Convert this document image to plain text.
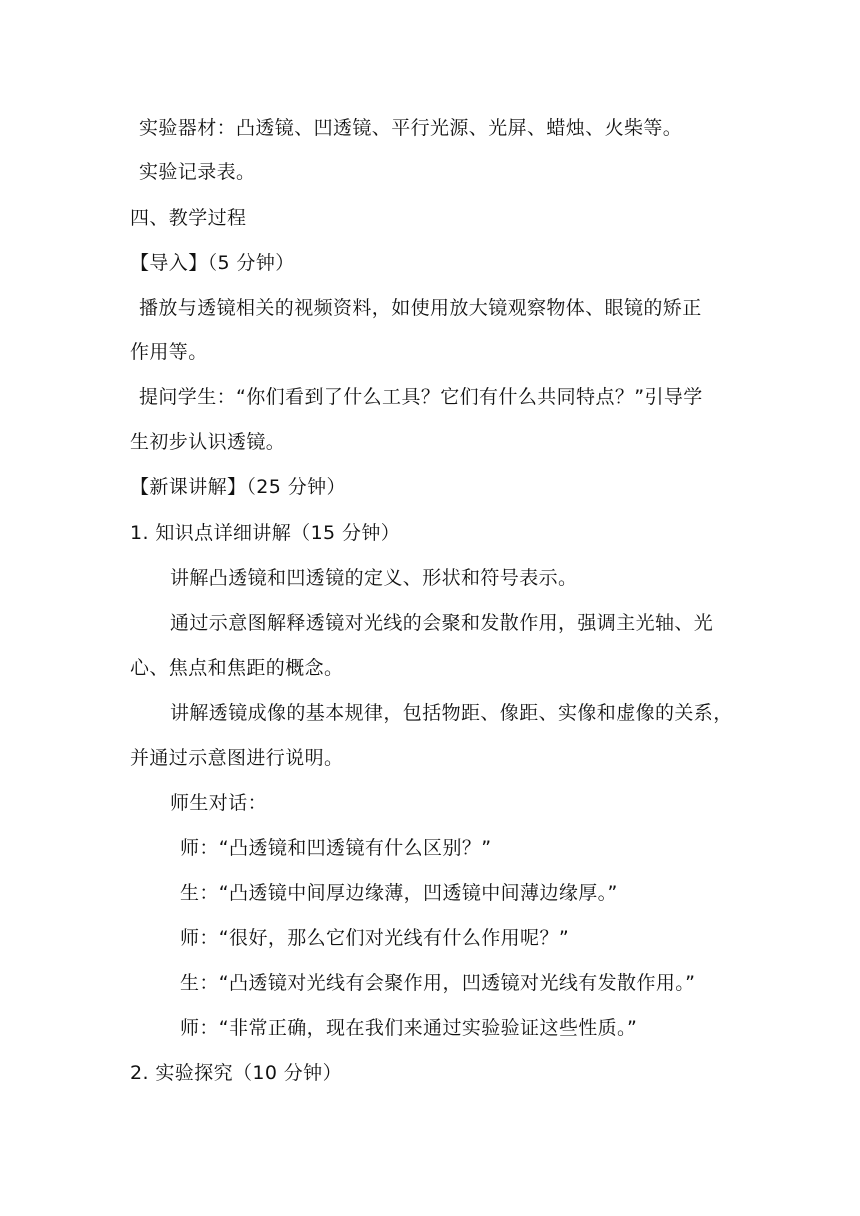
实验器材：凸透镜、凹透镜、平行光源、光屏、蜡烛、火柴等。
实验记录表。
四、教学过程
【导入】（5 分钟）
播放与透镜相关的视频资料，如使用放大镜观察物体、眼镜的矫正
作用等。
提问学生：“你们看到了什么工具？它们有什么共同特点？”引导学
生初步认识透镜。
【新课讲解】（25 分钟）
1. 知识点详细讲解（15 分钟）
讲解凸透镜和凹透镜的定义、形状和符号表示。
通过示意图解释透镜对光线的会聚和发散作用，强调主光轴、光
心、焦点和焦距的概念。
讲解透镜成像的基本规律，包括物距、像距、实像和虚像的关系，
并通过示意图进行说明。
师生对话：
师：“凸透镜和凹透镜有什么区别？”
生：“凸透镜中间厚边缘薄，凹透镜中间薄边缘厚。”
师：“很好，那么它们对光线有什么作用呢？”
生：“凸透镜对光线有会聚作用，凹透镜对光线有发散作用。”
师：“非常正确，现在我们来通过实验验证这些性质。”
2. 实验探究（10 分钟）
